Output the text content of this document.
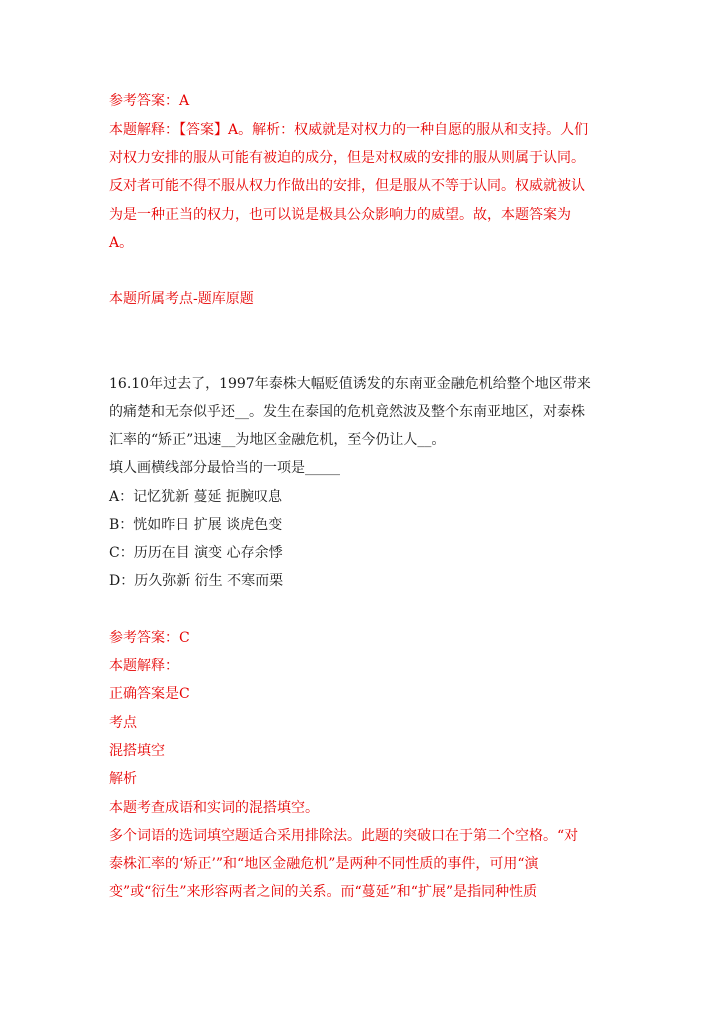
参考答案：A
本题解释：【答案】A。解析：权威就是对权力的一种自愿的服从和支持。人们
对权力安排的服从可能有被迫的成分，但是对权威的安排的服从则属于认同。
反对者可能不得不服从权力作做出的安排，但是服从不等于认同。权威就被认
为是一种正当的权力，也可以说是极具公众影响力的威望。故，本题答案为
A。
本题所属考点-题库原题
16.10年过去了，1997年泰株大幅贬值诱发的东南亚金融危机给整个地区带来
的痛楚和无奈似乎还__。发生在泰国的危机竟然波及整个东南亚地区，对泰株
汇率的“矫正”迅速__为地区金融危机，至今仍让人__。
填人画横线部分最恰当的一项是_____
A：记忆犹新 蔓延 扼腕叹息
B：恍如昨日 扩展 谈虎色变
C：历历在目 演变 心存余悸
D：历久弥新 衍生 不寒而栗
参考答案：C
本题解释：
正确答案是C
考点
混搭填空
解析
本题考查成语和实词的混搭填空。
多个词语的选词填空题适合采用排除法。此题的突破口在于第二个空格。“对
泰株汇率的‘矫正’”和“地区金融危机”是两种不同性质的事件，可用“演
变”或“衍生”来形容两者之间的关系。而“蔓延”和“扩展”是指同种性质
